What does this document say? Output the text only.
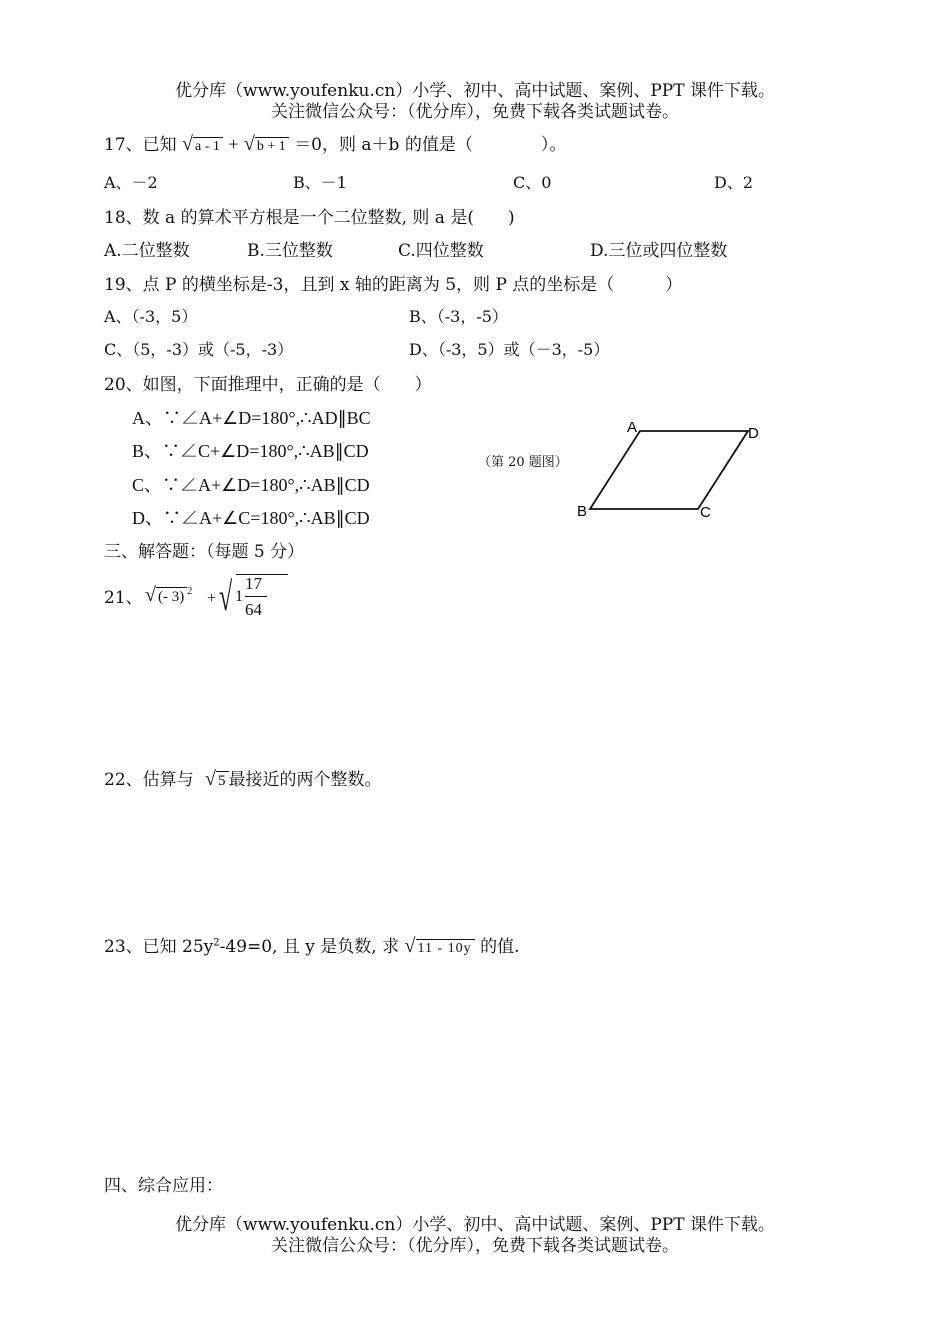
优分库（www.youfenku.cn）小学、初中、高中试题、案例、PPT 课件下载。
关注微信公众号：（优分库），免费下载各类试题试卷。
17、已知 √ a - 1 + √ b + 1 ＝0，则 a＋b 的值是（　　　　）。
A、－2	B、－1	C、0	D、2
18、数 a 的算术平方根是一个二位整数, 则 a 是(　　)
A.二位整数	B.三位整数	C.四位整数	D.三位或四位整数
19、点 P 的横坐标是-3，且到 x 轴的距离为 5，则 P 点的坐标是（　　　）
A、（-3，5）	B、（-3，-5）
C、（5，-3）或（-5，-3）	D、（-3，5）或（－3，-5）
20、如图，下面推理中，正确的是（　　）
A、∵∠A+∠D=180°,∴AD∥BC
B、∵∠C+∠D=180°,∴AB∥CD
C、∵∠A+∠D=180°,∴AB∥CD
D、∵∠A+∠C=180°,∴AB∥CD
（第 20 题图）
A	D
B	C
三、解答题：（每题 5 分）
21、 √ (- 3) $^2$ + √ 1
17
64
22、估算与 √ 5 最接近的两个整数。
23、已知 $25y^2-49=0$, 且 y 是负数, 求 √ 11 - 10y 的值.
四、综合应用：
优分库（www.youfenku.cn）小学、初中、高中试题、案例、PPT 课件下载。
关注微信公众号：（优分库），免费下载各类试题试卷。
